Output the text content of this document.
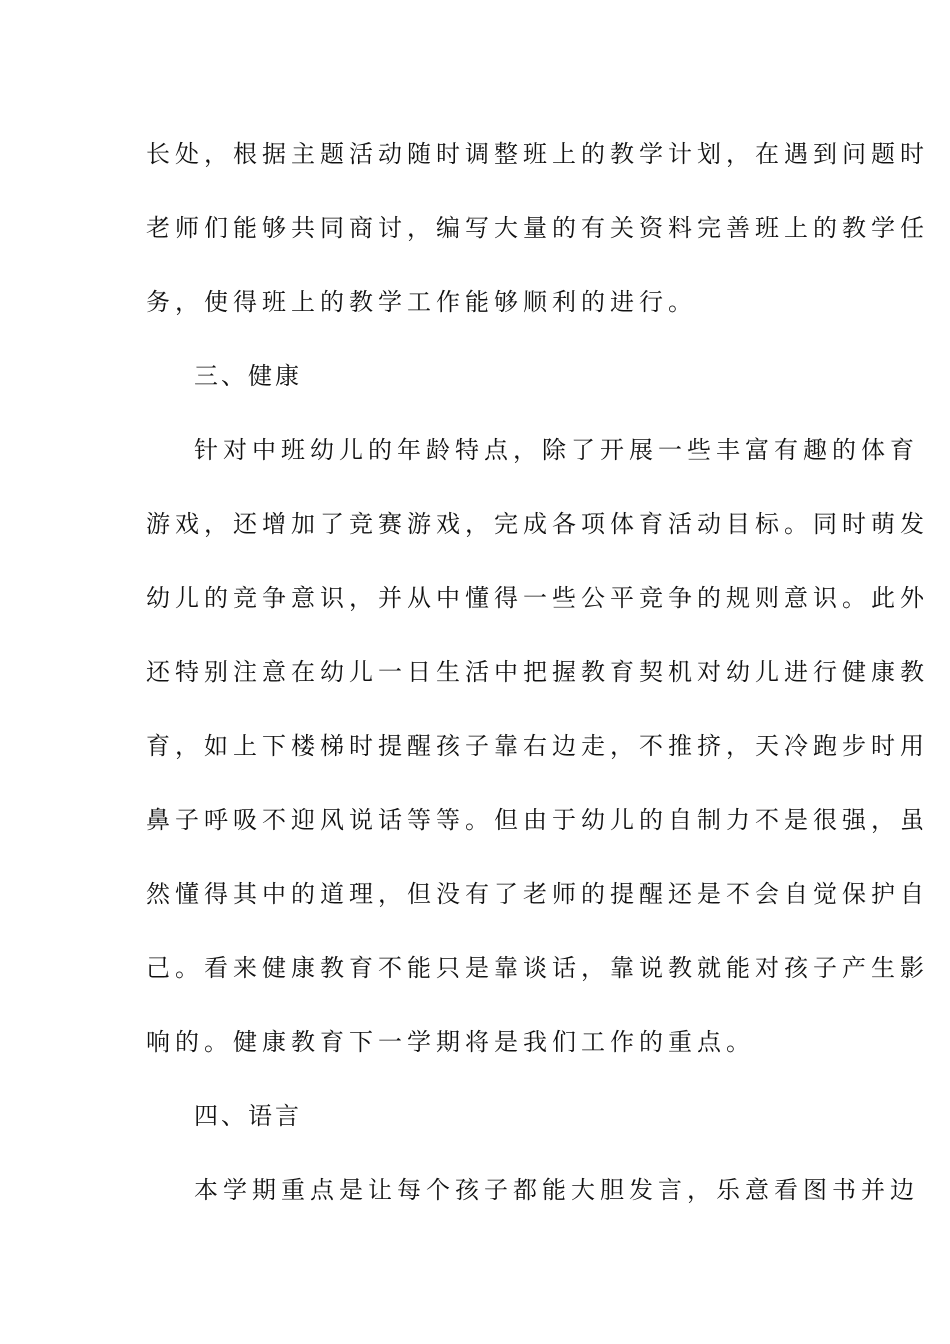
长处，根据主题活动随时调整班上的教学计划，在遇到问题时
老师们能够共同商讨，编写大量的有关资料完善班上的教学任
务，使得班上的教学工作能够顺利的进行。
三、健康
针对中班幼儿的年龄特点，除了开展一些丰富有趣的体育
游戏，还增加了竞赛游戏，完成各项体育活动目标。同时萌发
幼儿的竞争意识，并从中懂得一些公平竞争的规则意识。此外
还特别注意在幼儿一日生活中把握教育契机对幼儿进行健康教
育，如上下楼梯时提醒孩子靠右边走，不推挤，天冷跑步时用
鼻子呼吸不迎风说话等等。但由于幼儿的自制力不是很强，虽
然懂得其中的道理，但没有了老师的提醒还是不会自觉保护自
己。看来健康教育不能只是靠谈话，靠说教就能对孩子产生影
响的。健康教育下一学期将是我们工作的重点。
四、语言
本学期重点是让每个孩子都能大胆发言，乐意看图书并边
